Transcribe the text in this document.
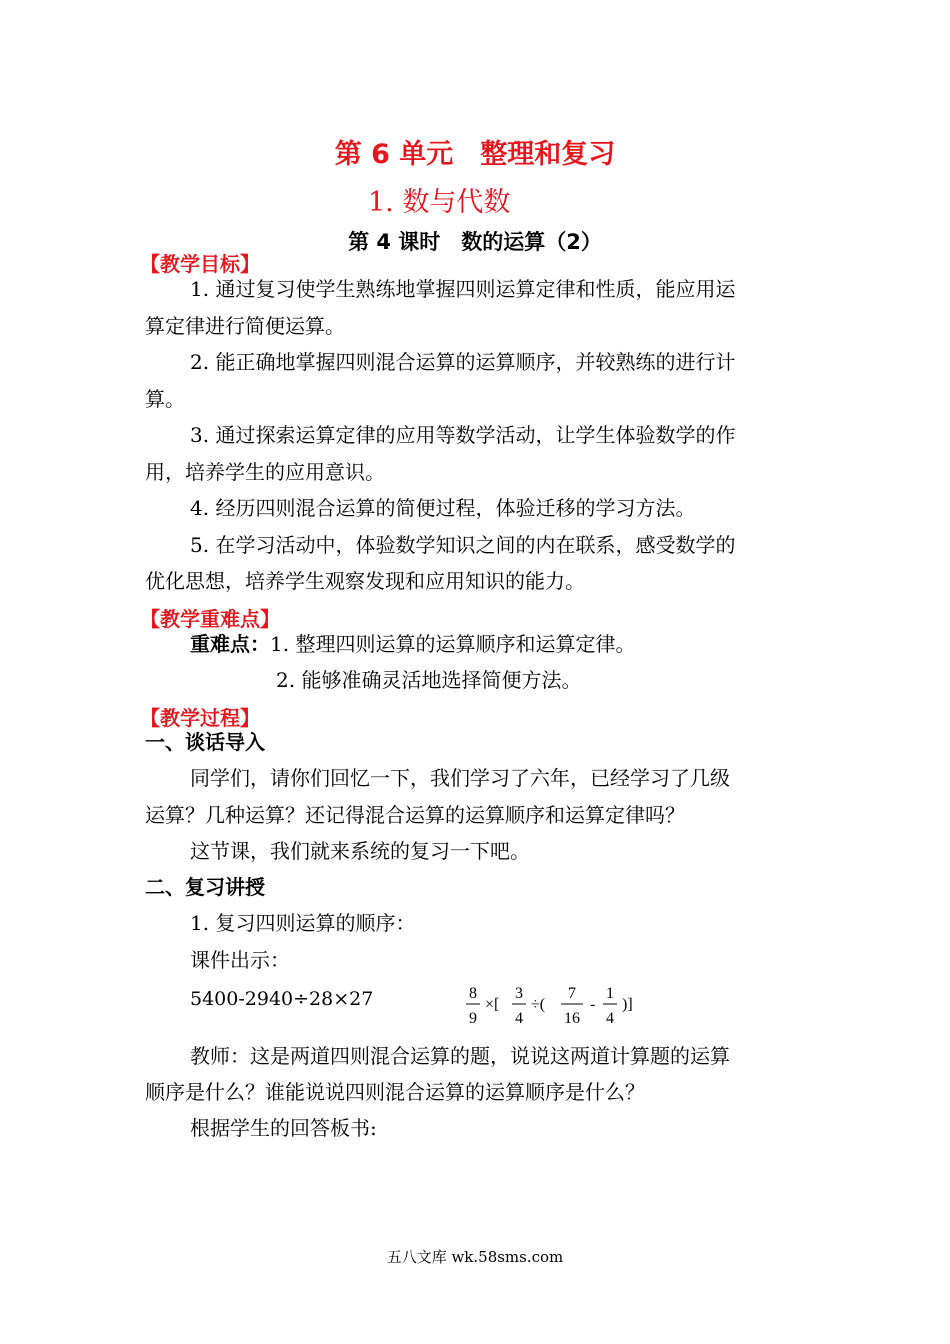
第 6 单元　整理和复习
1. 数与代数
第 4 课时　数的运算（2）
【教学目标】
1. 通过复习使学生熟练地掌握四则运算定律和性质，能应用运
算定律进行简便运算。
2. 能正确地掌握四则混合运算的运算顺序，并较熟练的进行计
算。
3. 通过探索运算定律的应用等数学活动，让学生体验数学的作
用，培养学生的应用意识。
4. 经历四则混合运算的简便过程，体验迁移的学习方法。
5. 在学习活动中，体验数学知识之间的内在联系，感受数学的
优化思想，培养学生观察发现和应用知识的能力。
【教学重难点】
重难点：1. 整理四则运算的运算顺序和运算定律。
2. 能够准确灵活地选择简便方法。
【教学过程】
一、谈话导入
同学们，请你们回忆一下，我们学习了六年，已经学习了几级
运算？几种运算？还记得混合运算的运算顺序和运算定律吗？
这节课，我们就来系统的复习一下吧。
二、复习讲授
1. 复习四则运算的顺序：
课件出示：
5400-2940÷28×27	8
9
×[
3
4
÷(
7
16
-
1
4
)]
教师：这是两道四则混合运算的题，说说这两道计算题的运算
顺序是什么？谁能说说四则混合运算的运算顺序是什么？
根据学生的回答板书:
五八文库 wk.58sms.com
